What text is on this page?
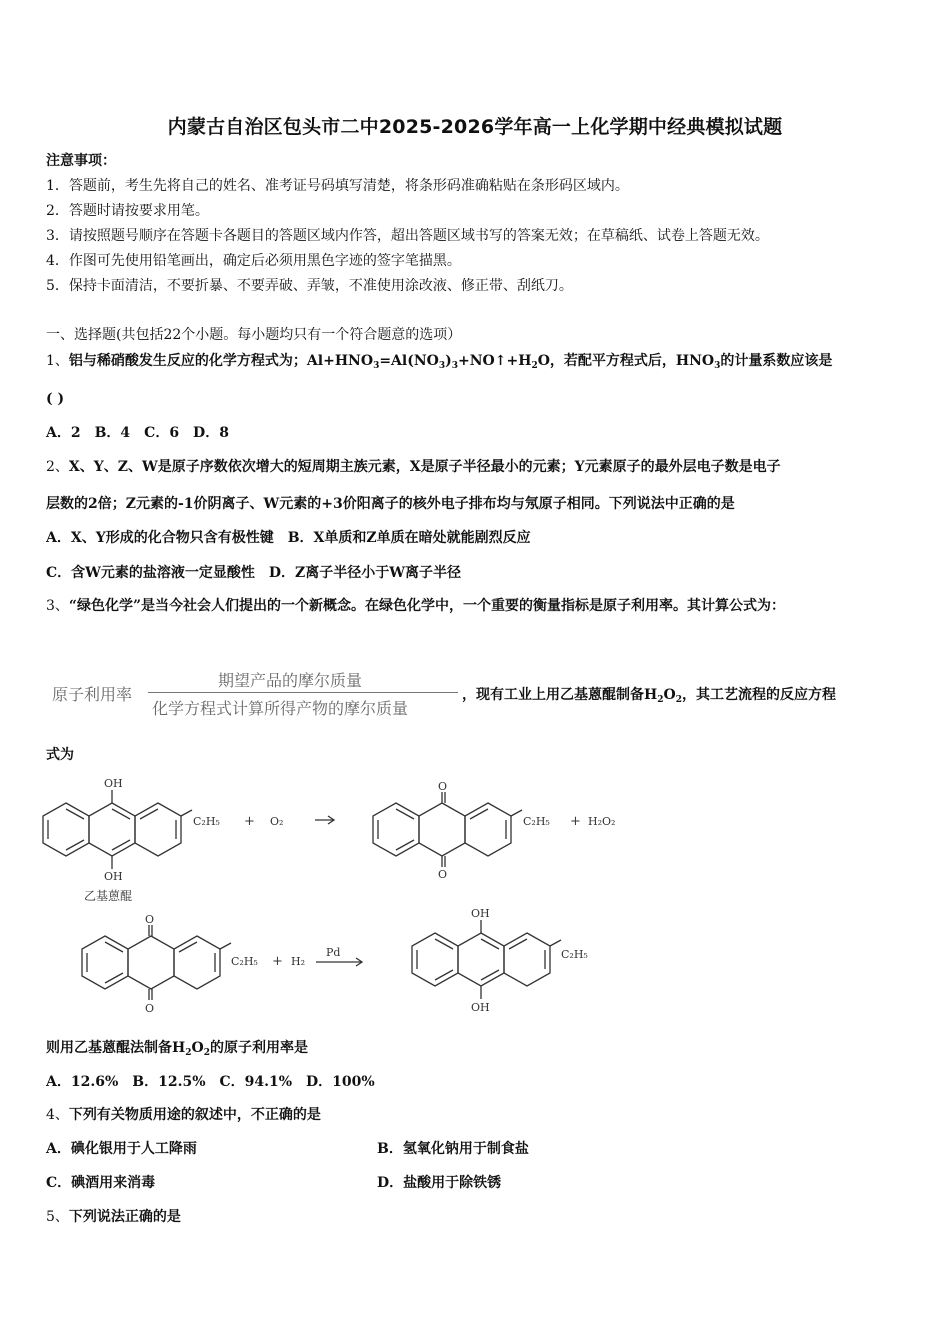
内蒙古自治区包头市二中2025-2026学年高一上化学期中经典模拟试题
注意事项：
1．答题前，考生先将自己的姓名、准考证号码填写清楚，将条形码准确粘贴在条形码区域内。
2．答题时请按要求用笔。
3．请按照题号顺序在答题卡各题目的答题区域内作答，超出答题区域书写的答案无效；在草稿纸、试卷上答题无效。
4．作图可先使用铅笔画出，确定后必须用黑色字迹的签字笔描黑。
5．保持卡面清洁，不要折暴、不要弄破、弄皱，不准使用涂改液、修正带、刮纸刀。
一、选择题(共包括22个小题。每小题均只有一个符合题意的选项）
1、铝与稀硝酸发生反应的化学方程式为；$Al+HNO_3=Al(NO_3)_3+NO↑+H_2O$，若配平方程式后，$HNO_3$的计量系数应该是
( )
A．2　B．4　C．6　D．8
2、X、Y、Z、W是原子序数依次增大的短周期主族元素，X是原子半径最小的元素；Y元素原子的最外层电子数是电子
层数的2倍；Z元素的-1价阴离子、W元素的+3价阳离子的核外电子排布均与氖原子相同。下列说法中正确的是
A．X、Y形成的化合物只含有极性键　B．X单质和Z单质在暗处就能剧烈反应
C．含W元素的盐溶液一定显酸性　D．Z离子半径小于W离子半径
3、“绿色化学”是当今社会人们提出的一个新概念。在绿色化学中，一个重要的衡量指标是原子利用率。其计算公式为：
原子利用率
期望产品的摩尔质量
化学方程式计算所得产物的摩尔质量
，现有工业上用乙基蒽醌制备$H_2O_2$，其工艺流程的反应方程
式为
OH
OH
C₂H₅ + O₂
O
O
C₂H₅ + H₂O₂
乙基蒽醌
O
O
C₂H₅ + H₂
Pd
OH
OH
C₂H₅
则用乙基蒽醌法制备$H_2O_2$的原子利用率是
A．12.6%　B．12.5%　C．94.1%　D．100%
4、下列有关物质用途的叙述中，不正确的是
A．碘化银用于人工降雨	B．氢氧化钠用于制食盐
C．碘酒用来消毒	D．盐酸用于除铁锈
5、下列说法正确的是
